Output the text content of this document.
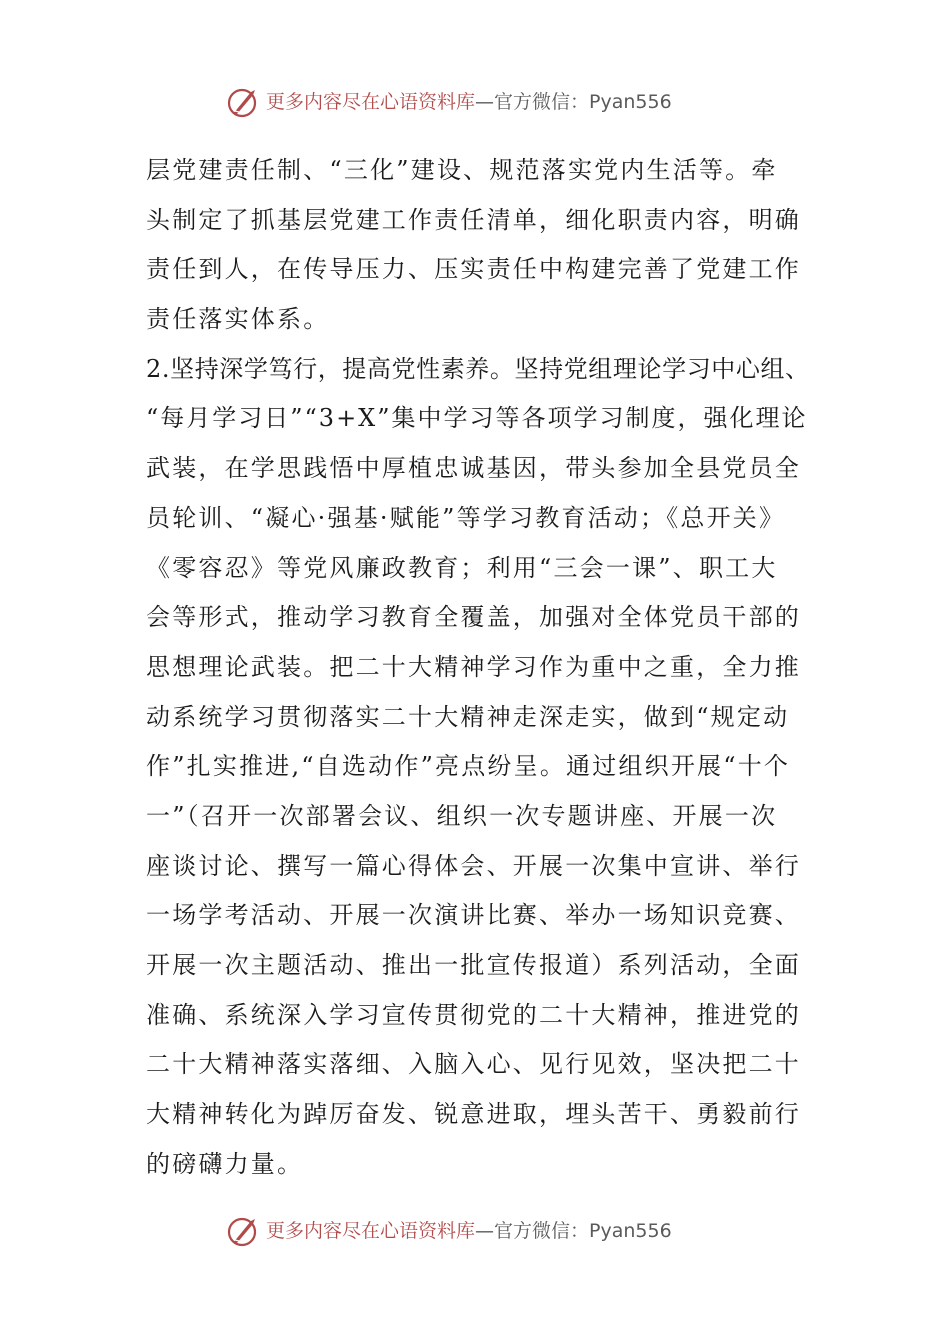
更多内容尽在心语资料库—官方微信：Pyan556
层党建责任制、“三化”建设、规范落实党内生活等。牵
头制定了抓基层党建工作责任清单，细化职责内容，明确
责任到人，在传导压力、压实责任中构建完善了党建工作
责任落实体系。
2.坚持深学笃行，提高党性素养。坚持党组理论学习中心组、
“每月学习日”“3+X”集中学习等各项学习制度，强化理论
武装，在学思践悟中厚植忠诚基因，带头参加全县党员全
员轮训、“凝心·强基·赋能”等学习教育活动；《总开关》
《零容忍》等党风廉政教育；利用“三会一课”、职工大
会等形式，推动学习教育全覆盖，加强对全体党员干部的
思想理论武装。把二十大精神学习作为重中之重，全力推
动系统学习贯彻落实二十大精神走深走实，做到“规定动
作”扎实推进,“自选动作”亮点纷呈。通过组织开展“十个
一”（召开一次部署会议、组织一次专题讲座、开展一次
座谈讨论、撰写一篇心得体会、开展一次集中宣讲、举行
一场学考活动、开展一次演讲比赛、举办一场知识竞赛、
开展一次主题活动、推出一批宣传报道）系列活动，全面
准确、系统深入学习宣传贯彻党的二十大精神，推进党的
二十大精神落实落细、入脑入心、见行见效，坚决把二十
大精神转化为踔厉奋发、锐意进取，埋头苦干、勇毅前行
的磅礴力量。
更多内容尽在心语资料库—官方微信：Pyan556
